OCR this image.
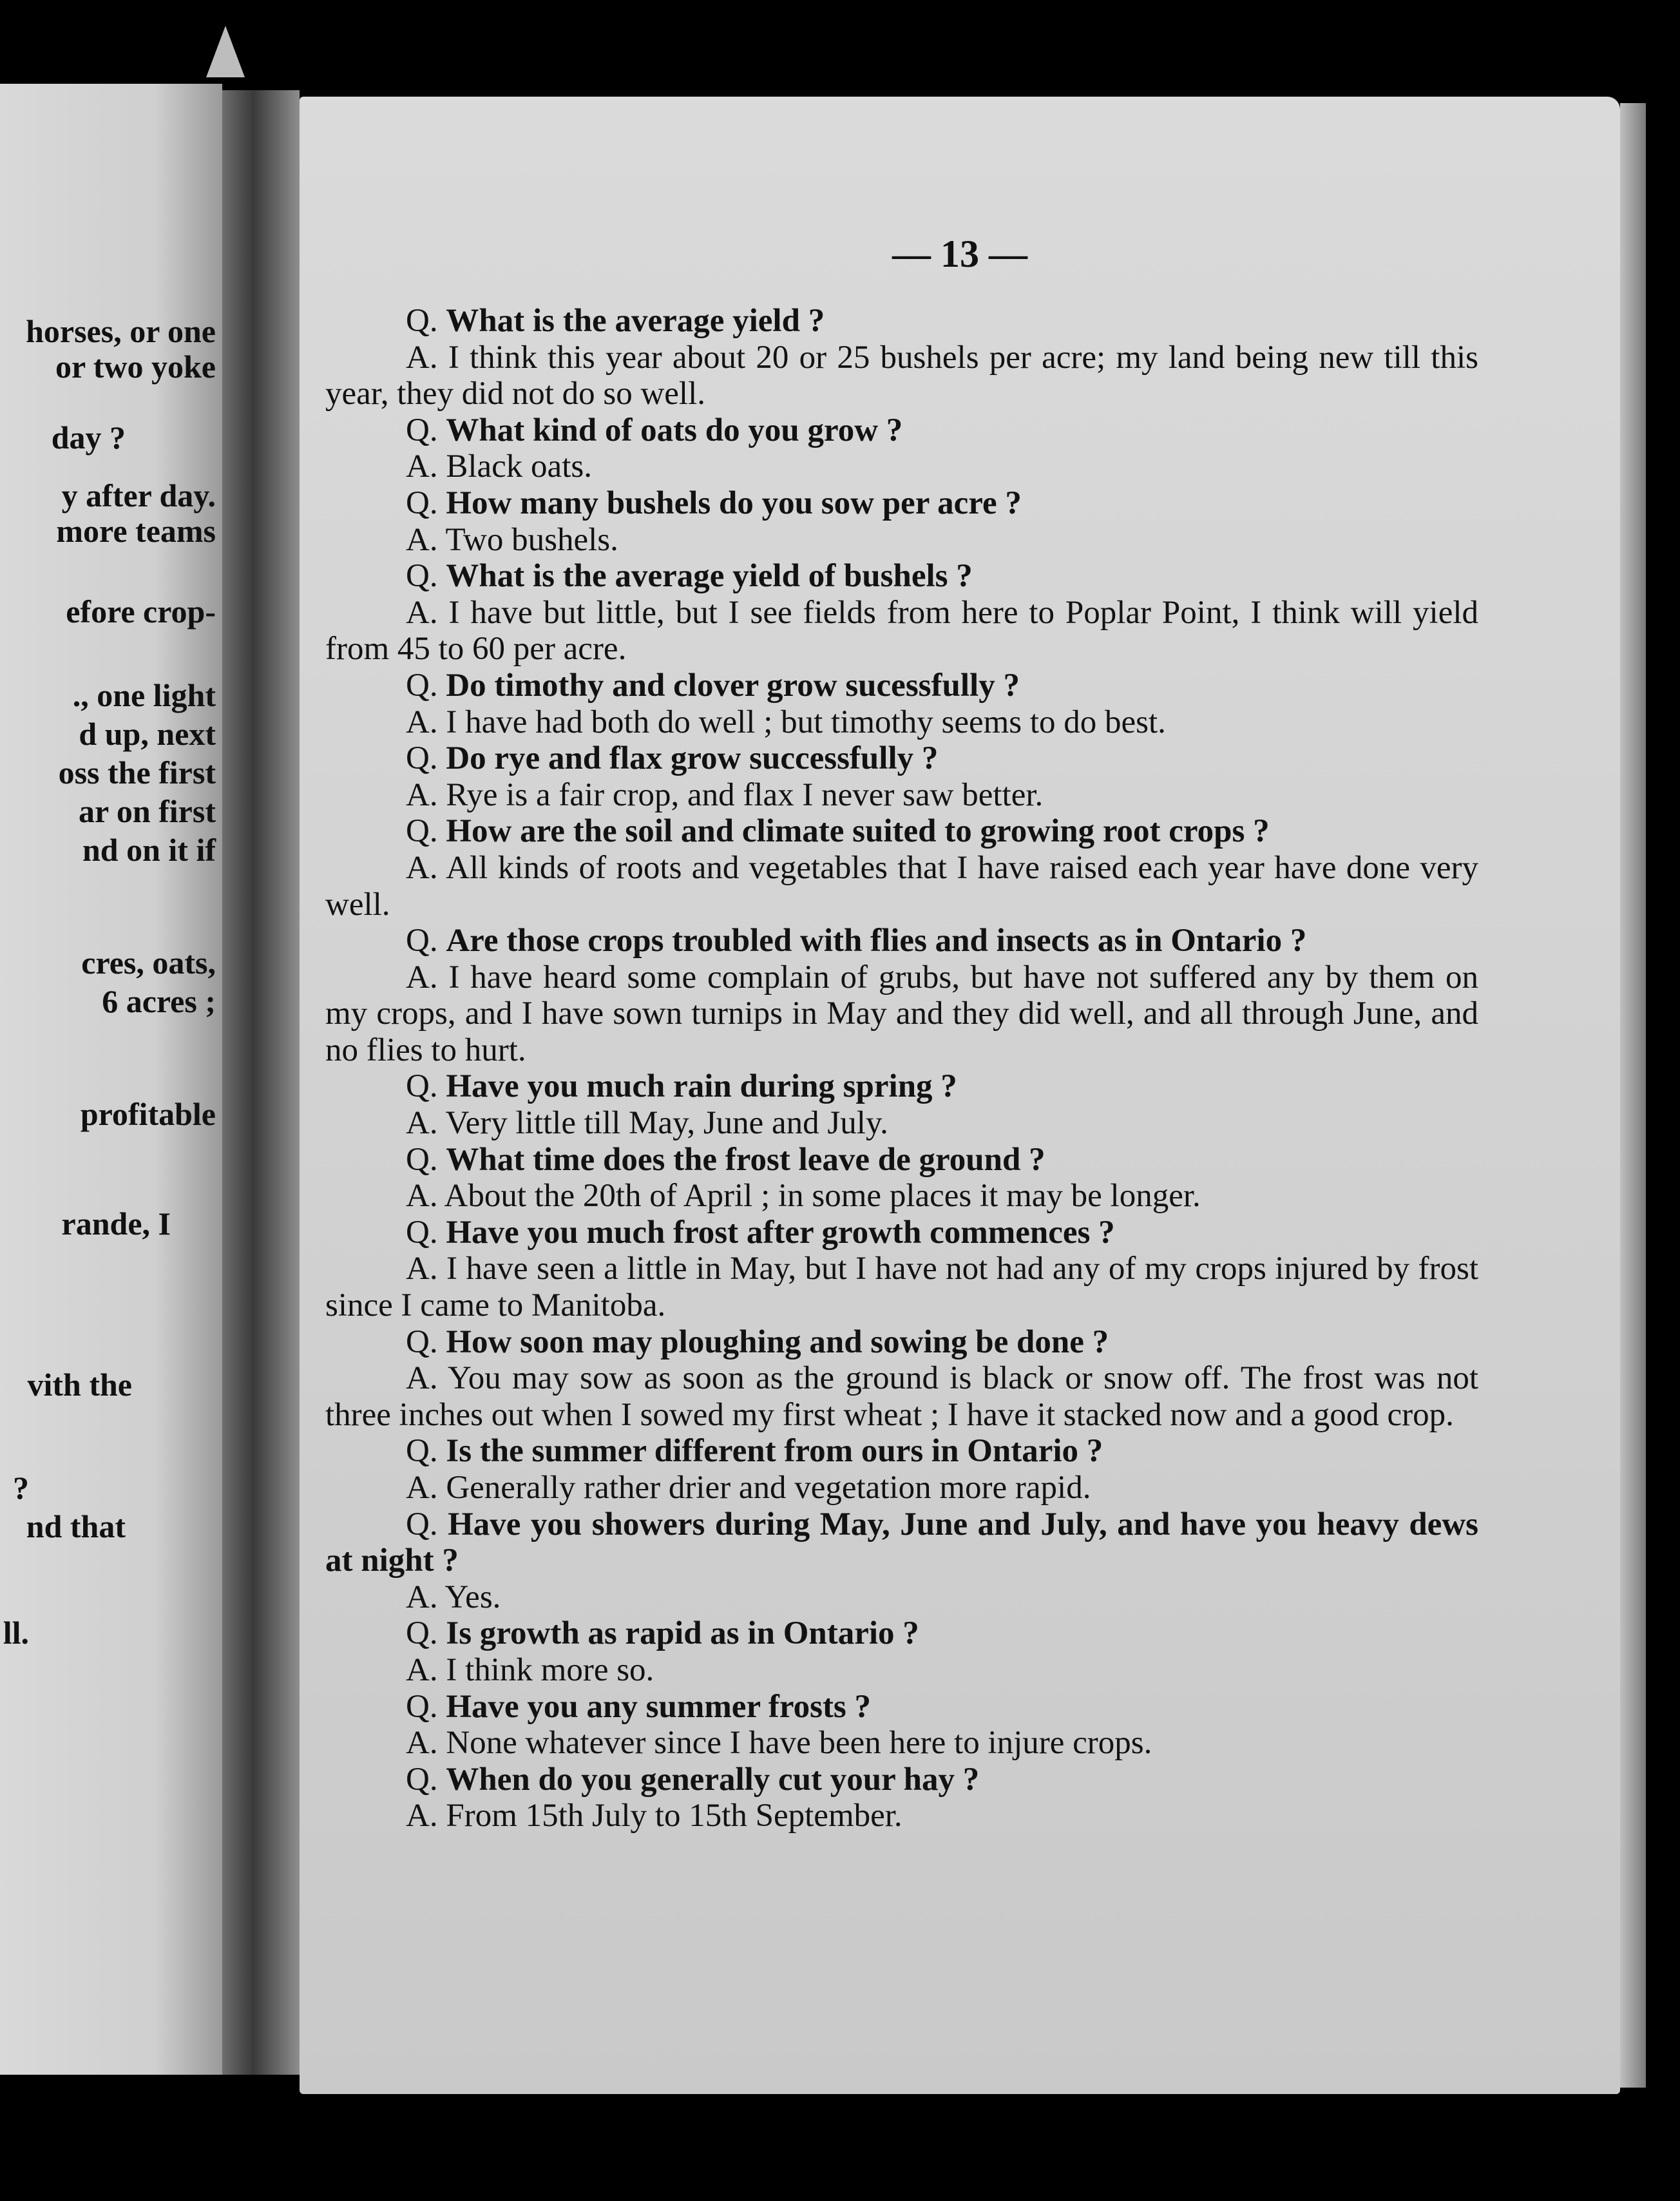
horses, or one
or two yoke
day ?
y after day.
more teams
efore crop-
., one light
d up, next
oss the first
ar on first
nd on it if
cres, oats,
6 acres ;
profitable
rande, I
vith the
?
nd that
ll.
— 13 —

Q. What is the average yield ?

A. I think this year about 20 or 25 bushels per acre; my land being new till this year, they did not do so well.

Q. What kind of oats do you grow ?

A. Black oats.

Q. How many bushels do you sow per acre ?

A. Two bushels.

Q. What is the average yield of bushels ?

A. I have but little, but I see fields from here to Poplar Point, I think will yield from 45 to 60 per acre.

Q. Do timothy and clover grow sucessfully ?

A. I have had both do well ; but timothy seems to do best.

Q. Do rye and flax grow successfully ?

A. Rye is a fair crop, and flax I never saw better.

Q. How are the soil and climate suited to growing root crops ?

A. All kinds of roots and vegetables that I have raised each year have done very well.

Q. Are those crops troubled with flies and insects as in Ontario ?

A. I have heard some complain of grubs, but have not suffered any by them on my crops, and I have sown turnips in May and they did well, and all through June, and no flies to hurt.

Q. Have you much rain during spring ?

A. Very little till May, June and July.

Q. What time does the frost leave de ground ?

A. About the 20th of April ; in some places it may be longer.

Q. Have you much frost after growth commences ?

A. I have seen a little in May, but I have not had any of my crops injured by frost since I came to Manitoba.

Q. How soon may ploughing and sowing be done ?

A. You may sow as soon as the ground is black or snow off. The frost was not three inches out when I sowed my first wheat ; I have it stacked now and a good crop.

Q. Is the summer different from ours in Ontario ?

A. Generally rather drier and vegetation more rapid.

Q. Have you showers during May, June and July, and have you heavy dews at night ?

A. Yes.

Q. Is growth as rapid as in Ontario ?

A. I think more so.

Q. Have you any summer frosts ?

A. None whatever since I have been here to injure crops.

Q. When do you generally cut your hay ?

A. From 15th July to 15th September.
